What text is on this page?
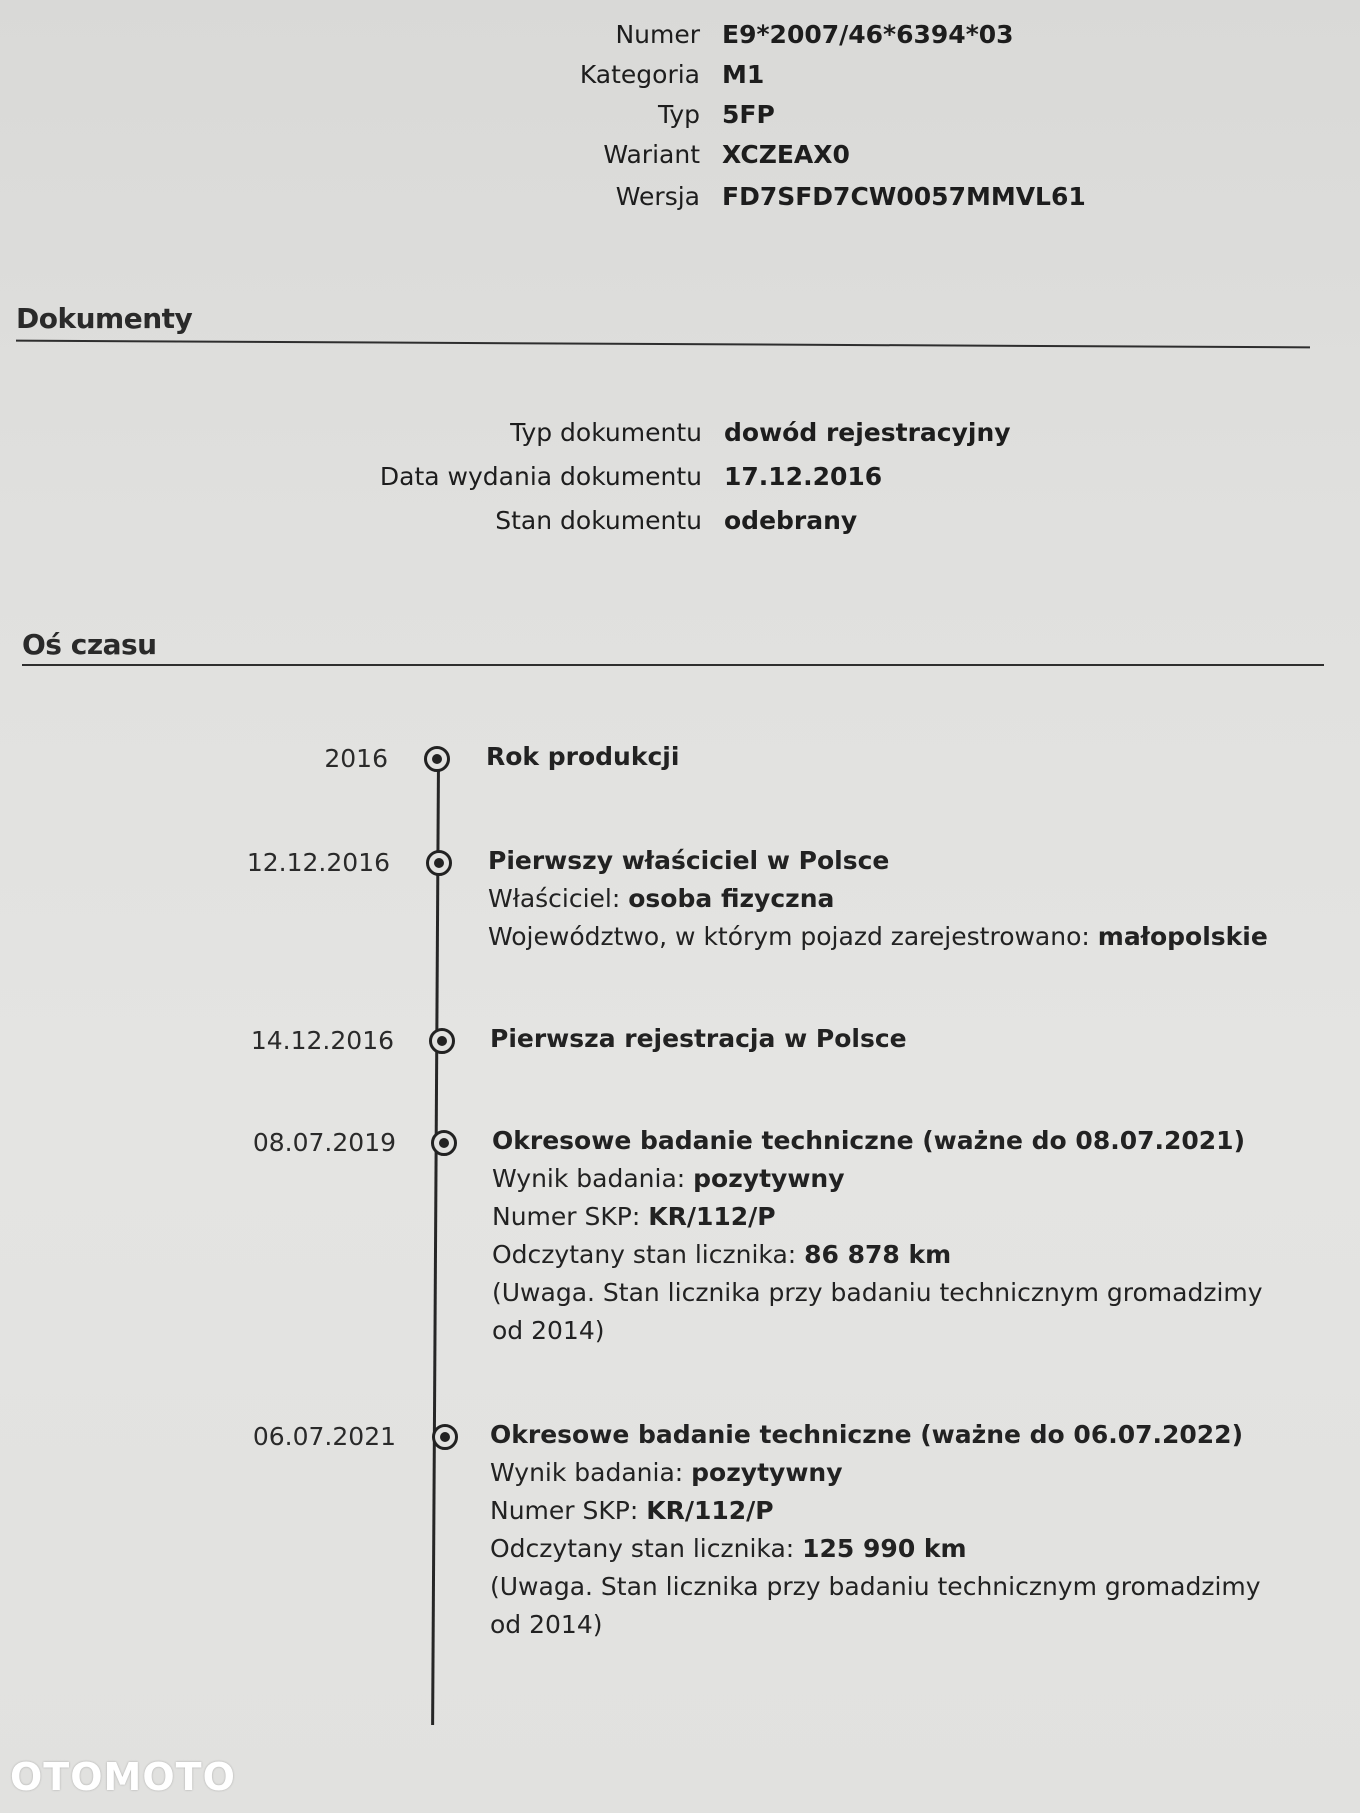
Numer E9*2007/46*6394*03
Kategoria M1
Typ 5FP
Wariant XCZEAX0
Wersja FD7SFD7CW0057MMVL61
Dokumenty
Typ dokumentu dowód rejestracyjny
Data wydania dokumentu 17.12.2016
Stan dokumentu odebrany
Oś czasu
2016	Rok produkcji
12.12.2016	Pierwszy właściciel w Polsce
Właściciel: osoba fizyczna
Województwo, w którym pojazd zarejestrowano: małopolskie
14.12.2016	Pierwsza rejestracja w Polsce
08.07.2019	Okresowe badanie techniczne (ważne do 08.07.2021)
Wynik badania: pozytywny
Numer SKP: KR/112/P
Odczytany stan licznika: 86 878 km
(Uwaga. Stan licznika przy badaniu technicznym gromadzimy od 2014)
06.07.2021	Okresowe badanie techniczne (ważne do 06.07.2022)
Wynik badania: pozytywny
Numer SKP: KR/112/P
Odczytany stan licznika: 125 990 km
(Uwaga. Stan licznika przy badaniu technicznym gromadzimy od 2014)
OTOMOTO
